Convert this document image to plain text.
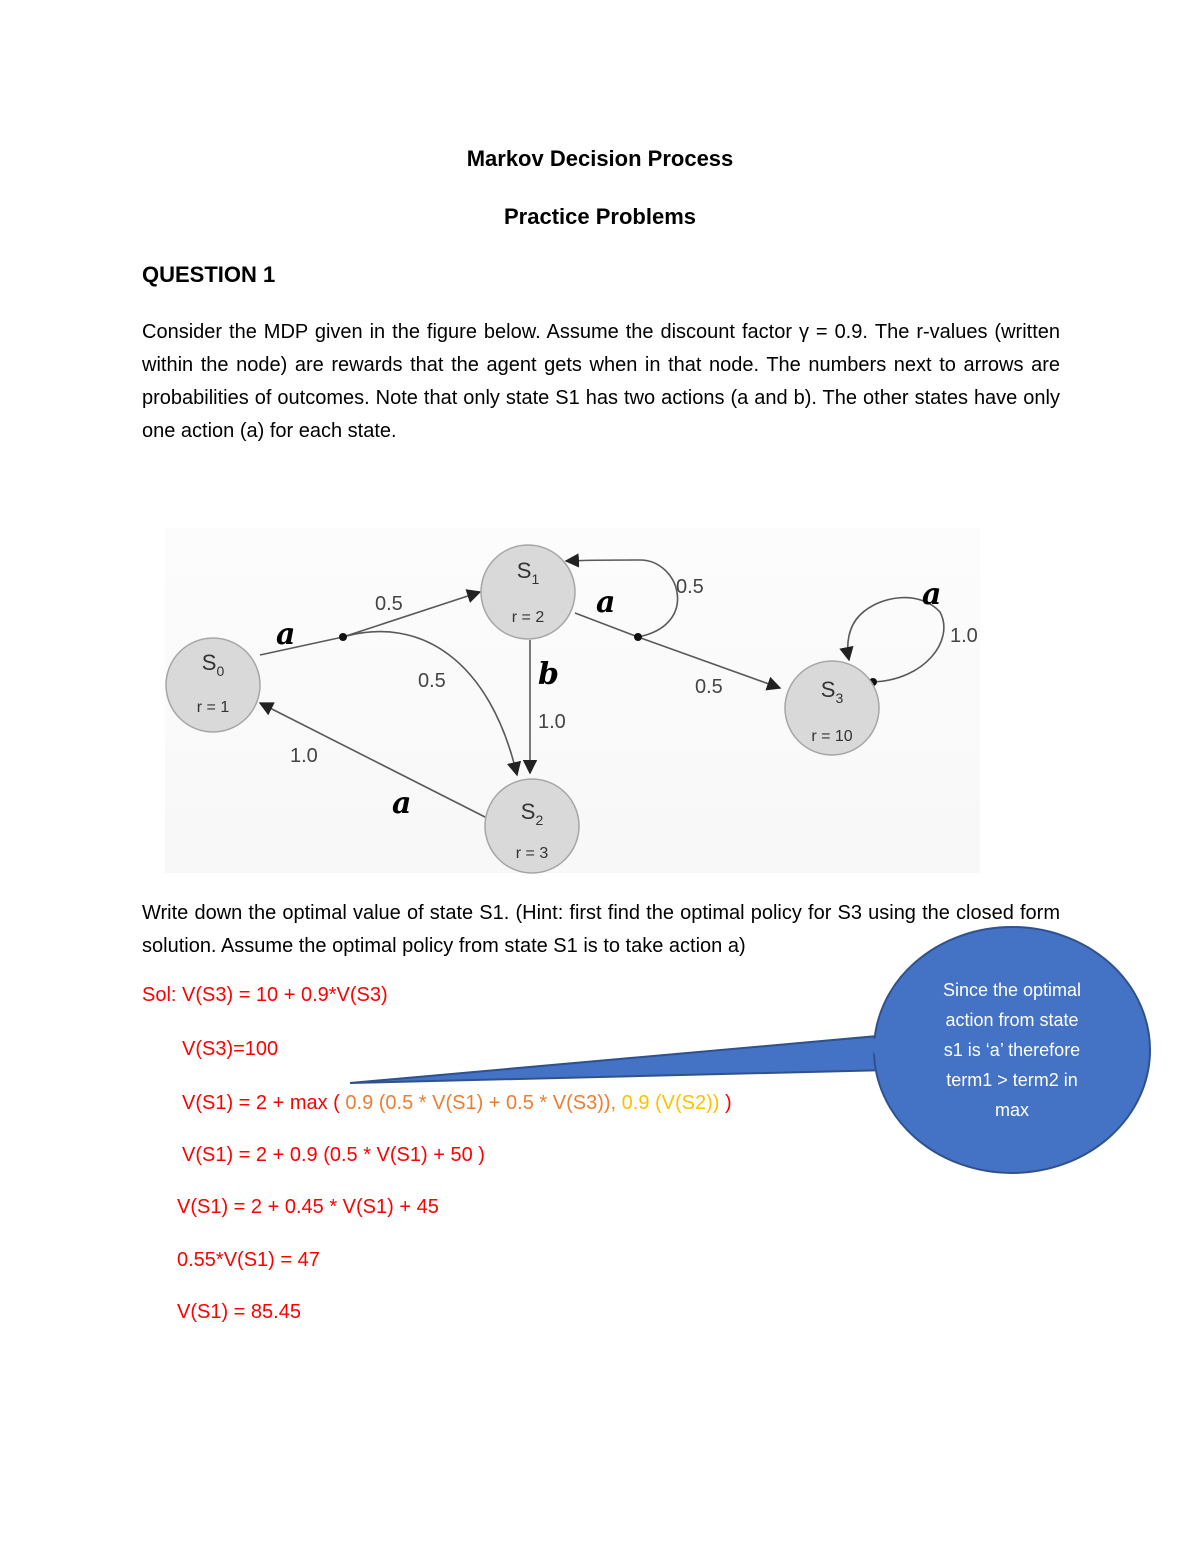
Markov Decision Process
Practice Problems
QUESTION 1

Consider the MDP given in the figure below. Assume the discount factor γ = 0.9. The r-values (written within the node) are rewards that the agent gets when in that node. The numbers next to arrows are probabilities of outcomes. Note that only state S1 has two actions (a and b). The other states have only one action (a) for each state.

$S_0$
r = 1
$S_1$
r = 2
$S_2$
r = 3
$S_3$
r = 10
0.5
0.5
1.0
0.5
0.5
1.0
1.0
a
a
b
a
a

Write down the optimal value of state S1. (Hint: first find the optimal policy for S3 using the closed form solution. Assume the optimal policy from state S1 is to take action a)

Sol: V(S3) = 10 + 0.9*V(S3)
V(S3)=100
V(S1) = 2 + max ( 0.9 (0.5 * V(S1) + 0.5 * V(S3)), 0.9 (V(S2)) )
V(S1) = 2 + 0.9 (0.5 * V(S1) + 50 )
V(S1) = 2 + 0.45 * V(S1) + 45
0.55*V(S1) = 47
V(S1) = 85.45
Since the optimal
action from state
s1 is ‘a’ therefore
term1 > term2 in
max
